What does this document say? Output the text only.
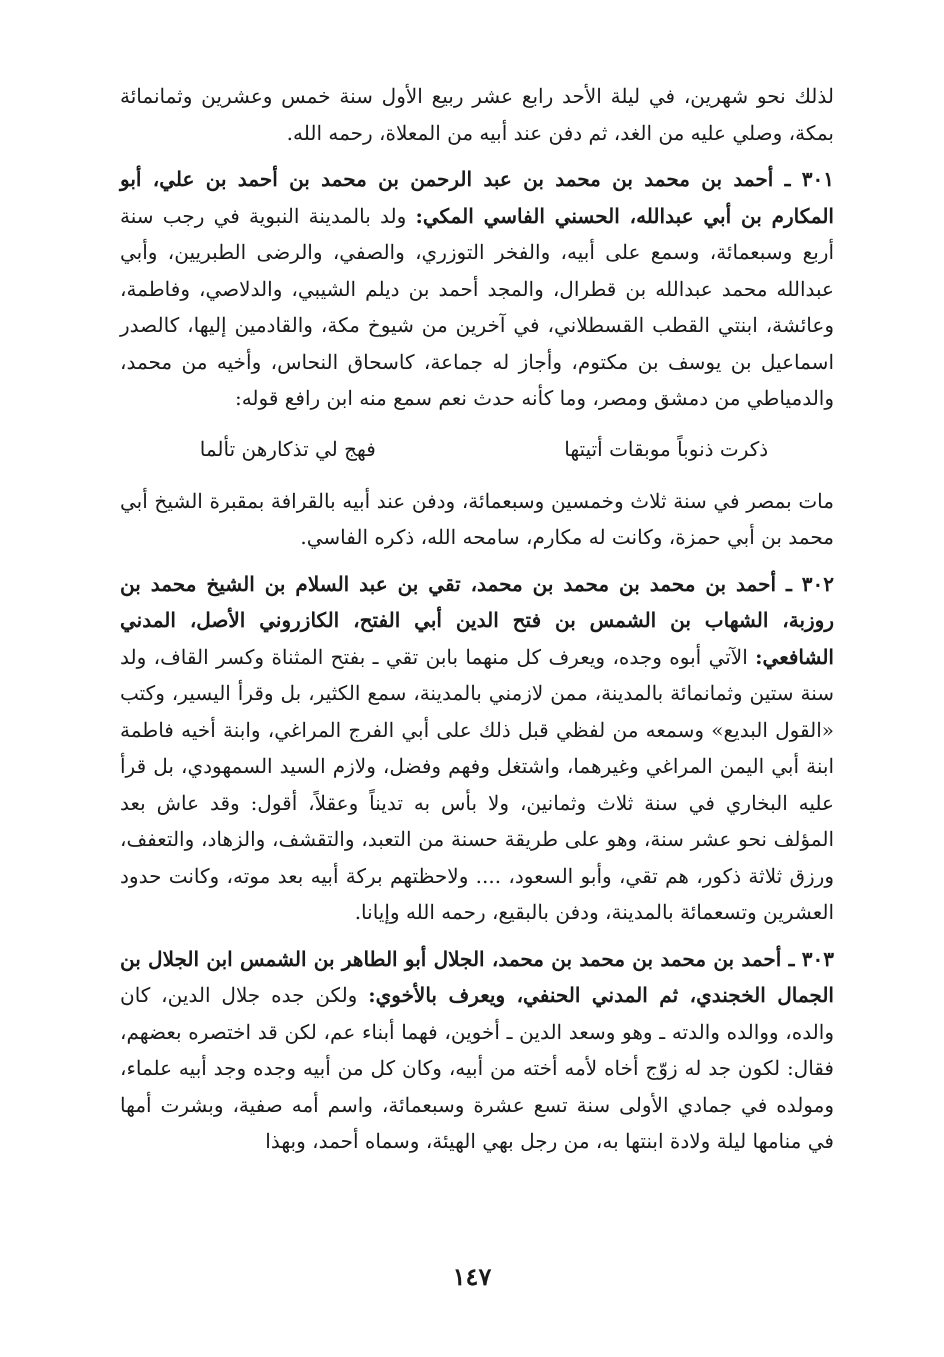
لذلك نحو شهرين، في ليلة الأحد رابع عشر ربيع الأول سنة خمس وعشرين وثمانمائة بمكة، وصلي عليه من الغد، ثم دفن عند أبيه من المعلاة، رحمه الله.

٣٠١ ـ أحمد بن محمد بن محمد بن عبد الرحمن بن محمد بن أحمد بن علي، أبو المكارم بن أبي عبدالله، الحسني الفاسي المكي: ولد بالمدينة النبوية في رجب سنة أربع وسبعمائة، وسمع على أبيه، والفخر التوزري، والصفي، والرضى الطبريين، وأبي عبدالله محمد عبدالله بن قطرال، والمجد أحمد بن ديلم الشيبي، والدلاصي، وفاطمة، وعائشة، ابنتي القطب القسطلاني، في آخرين من شيوخ مكة، والقادمين إليها، كالصدر اسماعيل بن يوسف بن مكتوم، وأجاز له جماعة، كاسحاق النحاس، وأخيه من محمد، والدمياطي من دمشق ومصر، وما كأنه حدث نعم سمع منه ابن رافع قوله:

ذكرت ذنوباً موبقات أتيتها
فهج لي تذكارهن تألما

مات بمصر في سنة ثلاث وخمسين وسبعمائة، ودفن عند أبيه بالقرافة بمقبرة الشيخ أبي محمد بن أبي حمزة، وكانت له مكارم، سامحه الله، ذكره الفاسي.

٣٠٢ ـ أحمد بن محمد بن محمد بن محمد، تقي بن عبد السلام بن الشيخ محمد بن روزبة، الشهاب بن الشمس بن فتح الدين أبي الفتح، الكازروني الأصل، المدني الشافعي: الآتي أبوه وجده، ويعرف كل منهما بابن تقي ـ بفتح المثناة وكسر القاف، ولد سنة ستين وثمانمائة بالمدينة، ممن لازمني بالمدينة، سمع الكثير، بل وقرأ اليسير، وكتب «القول البديع» وسمعه من لفظي قبل ذلك على أبي الفرج المراغي، وابنة أخيه فاطمة ابنة أبي اليمن المراغي وغيرهما، واشتغل وفهم وفضل، ولازم السيد السمهودي، بل قرأ عليه البخاري في سنة ثلاث وثمانين، ولا بأس به تديناً وعقلاً، أقول: وقد عاش بعد المؤلف نحو عشر سنة، وهو على طريقة حسنة من التعبد، والتقشف، والزهاد، والتعفف، ورزق ثلاثة ذكور، هم تقي، وأبو السعود، .... ولاحظتهم بركة أبيه بعد موته، وكانت حدود العشرين وتسعمائة بالمدينة، ودفن بالبقيع، رحمه الله وإيانا.

٣٠٣ ـ أحمد بن محمد بن محمد بن محمد، الجلال أبو الطاهر بن الشمس ابن الجلال بن الجمال الخجندي، ثم المدني الحنفي، ويعرف بالأخوي: ولكن جده جلال الدين، كان والده، ووالده والدته ـ وهو وسعد الدين ـ أخوين، فهما أبناء عم، لكن قد اختصره بعضهم، فقال: لكون جد له زوّج أخاه لأمه أخته من أبيه، وكان كل من أبيه وجده وجد أبيه علماء، ومولده في جمادي الأولى سنة تسع عشرة وسبعمائة، واسم أمه صفية، وبشرت أمها في منامها ليلة ولادة ابنتها به، من رجل بهي الهيئة، وسماه أحمد، وبهذا

١٤٧
